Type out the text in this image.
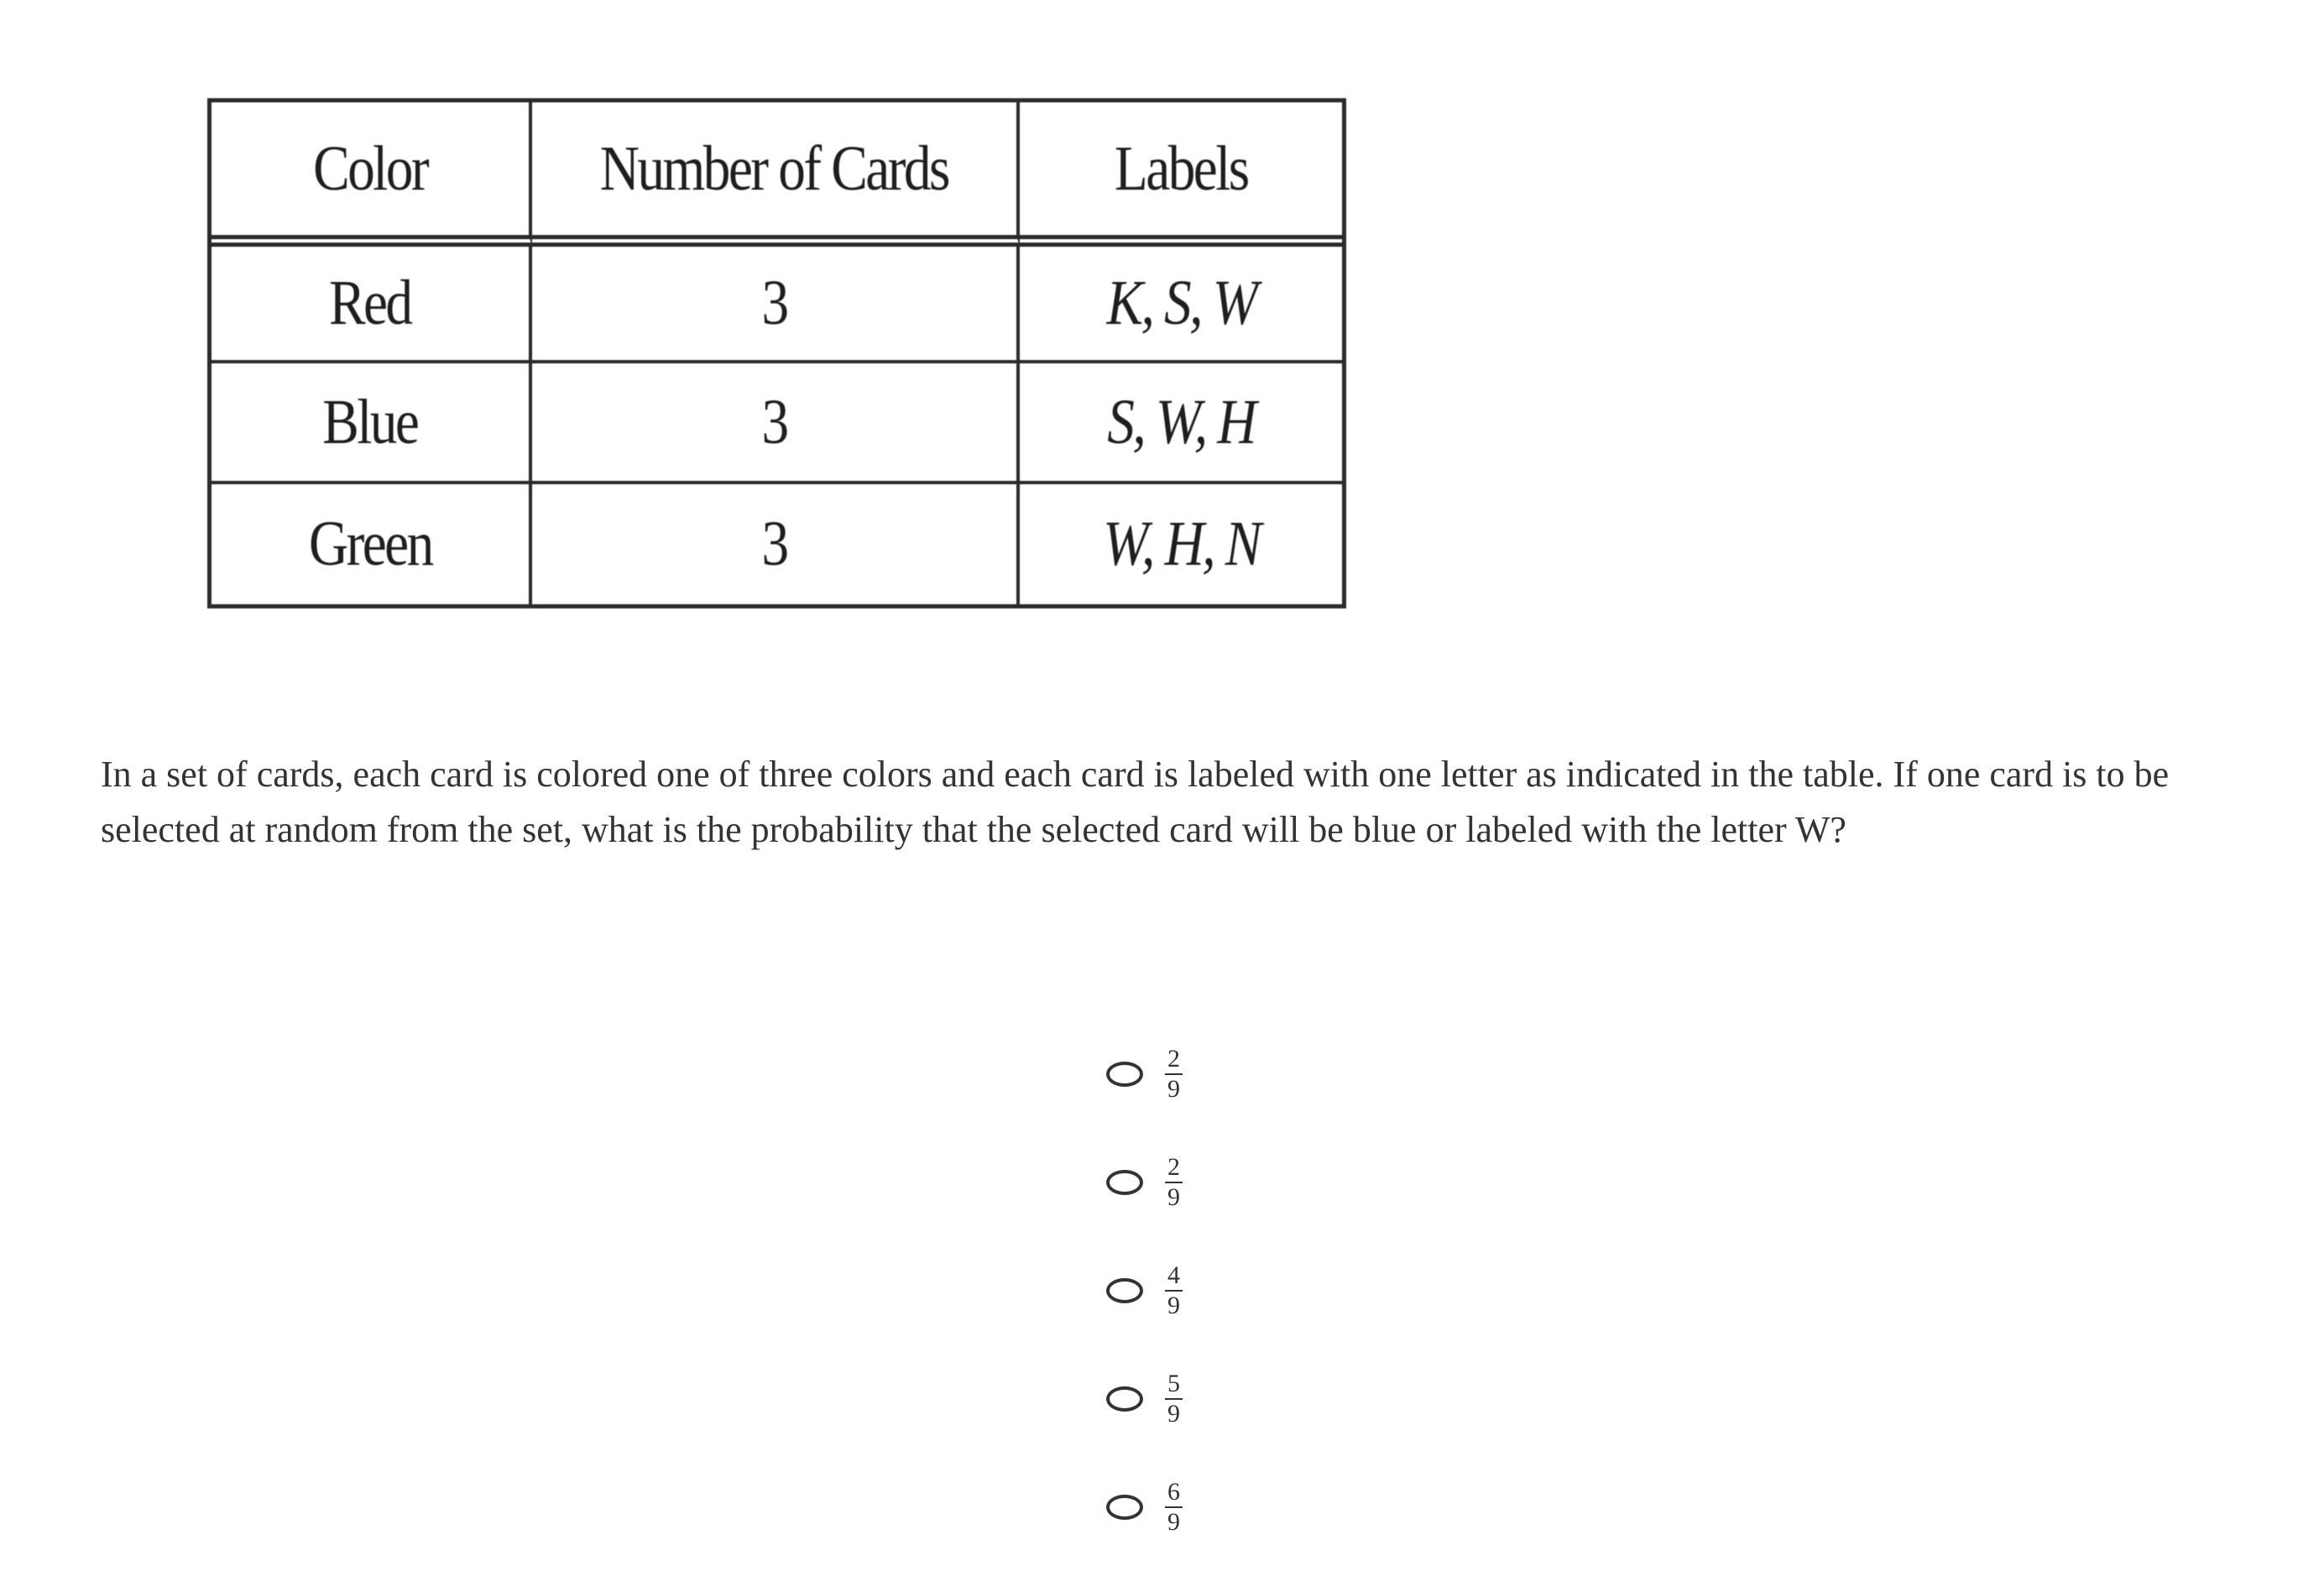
Color	Number of Cards	Labels
Red	3	K, S, W
Blue	3	S, W, H
Green	3	W, H, N

In a set of cards, each card is colored one of three colors and each card is labeled with one letter as indicated in the table. If one card is to be selected at random from the set, what is the probability that the selected card will be blue or labeled with the letter W?

$\frac{2}{9}$
$\frac{2}{9}$
$\frac{4}{9}$
$\frac{5}{9}$
$\frac{6}{9}$
